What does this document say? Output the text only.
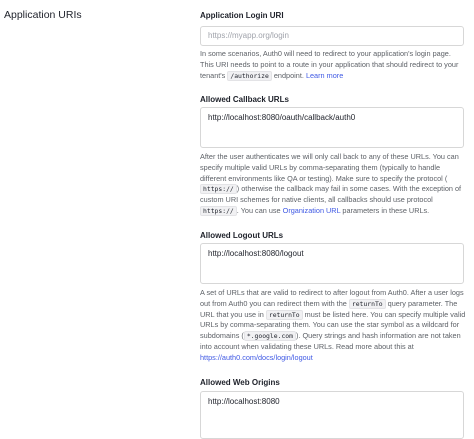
Application URIs	Application Login URI
https://myapp.org/login
In some scenarios, Auth0 will need to redirect to your application's login page. This URI needs to point to a route in your application that should redirect to your tenant's /authorize endpoint. Learn more
Allowed Callback URLs
http://localhost:8080/oauth/callback/auth0
After the user authenticates we will only call back to any of these URLs. You can specify multiple valid URLs by comma-separating them (typically to handle different environments like QA or testing). Make sure to specify the protocol (https:// ) otherwise the callback may fail in some cases. With the exception of custom URI schemes for native clients, all callbacks should use protocol https:// . You can use Organization URL parameters in these URLs.
Allowed Logout URLs
http://localhost:8080/logout
A set of URLs that are valid to redirect to after logout from Auth0. After a user logs out from Auth0 you can redirect them with the returnTo query parameter. The URL that you use in returnTo must be listed here. You can specify multiple valid URLs by comma-separating them. You can use the star symbol as a wildcard for subdomains ( *.google.com ). Query strings and hash information are not taken into account when validating these URLs. Read more about this at https://auth0.com/docs/login/logout
Allowed Web Origins
http://localhost:8080
